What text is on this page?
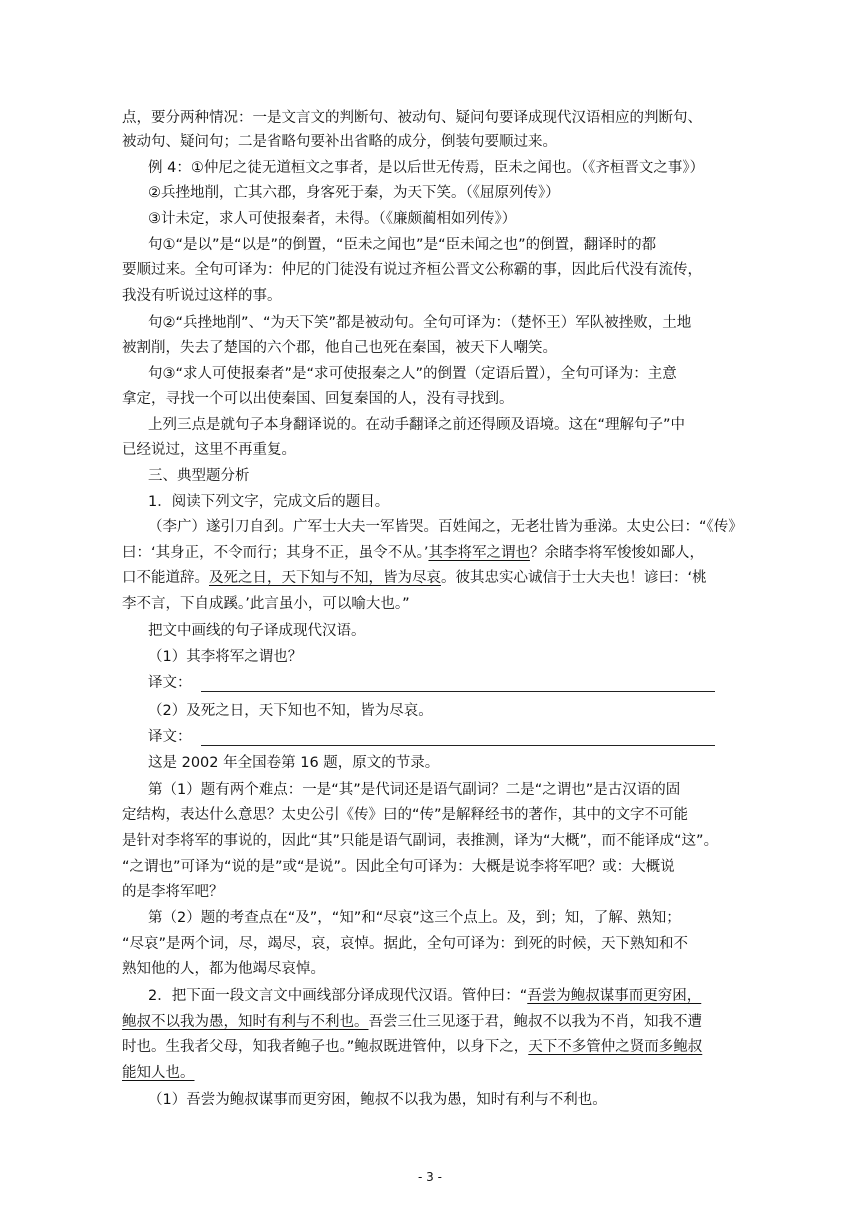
点，要分两种情况：一是文言文的判断句、被动句、疑问句要译成现代汉语相应的判断句、
被动句、疑问句；二是省略句要补出省略的成分，倒装句要顺过来。
例 4：①仲尼之徒无道桓文之事者，是以后世无传焉，臣未之闻也。（《齐桓晋文之事》）
②兵挫地削，亡其六郡，身客死于秦，为天下笑。（《屈原列传》）
③计未定，求人可使报秦者，未得。（《廉颇蔺相如列传》）
句①“是以”是“以是”的倒置，“臣未之闻也”是“臣未闻之也”的倒置，翻译时的都
要顺过来。全句可译为：仲尼的门徒没有说过齐桓公晋文公称霸的事，因此后代没有流传，
我没有听说过这样的事。
句②“兵挫地削”、“为天下笑”都是被动句。全句可译为：（楚怀王）军队被挫败，土地
被割削，失去了楚国的六个郡，他自己也死在秦国，被天下人嘲笑。
句③“求人可使报秦者”是“求可使报秦之人”的倒置（定语后置），全句可译为：主意
拿定，寻找一个可以出使秦国、回复秦国的人，没有寻找到。
上列三点是就句子本身翻译说的。在动手翻译之前还得顾及语境。这在“理解句子”中
已经说过，这里不再重复。
三、典型题分析
1．阅读下列文字，完成文后的题目。
（李广）遂引刀自刭。广军士大夫一军皆哭。百姓闻之，无老壮皆为垂涕。太史公曰：“《传》
曰：‘其身正，不令而行；其身不正，虽令不从。’其李将军之谓也？余睹李将军悛悛如鄙人，
口不能道辞。及死之日，天下知与不知，皆为尽哀。彼其忠实心诚信于士大夫也！谚曰：‘桃
李不言，下自成蹊。’此言虽小，可以喻大也。”
把文中画线的句子译成现代汉语。
（1）其李将军之谓也？
译文：
（2）及死之日，天下知也不知，皆为尽哀。
译文：
这是 2002 年全国卷第 16 题，原文的节录。
第（1）题有两个难点：一是“其”是代词还是语气副词？二是“之谓也”是古汉语的固
定结构，表达什么意思？太史公引《传》曰的“传”是解释经书的著作，其中的文字不可能
是针对李将军的事说的，因此“其”只能是语气副词，表推测，译为“大概”，而不能译成“这”。
“之谓也”可译为“说的是”或“是说”。因此全句可译为：大概是说李将军吧？或：大概说
的是李将军吧？
第（2）题的考查点在“及”，“知”和“尽哀”这三个点上。及，到；知，了解、熟知；
“尽哀”是两个词，尽，竭尽，哀，哀悼。据此，全句可译为：到死的时候，天下熟知和不
熟知他的人，都为他竭尽哀悼。
2．把下面一段文言文中画线部分译成现代汉语。管仲曰：“吾尝为鲍叔谋事而更穷困，
鲍叔不以我为愚，知时有利与不利也。吾尝三仕三见逐于君，鲍叔不以我为不肖，知我不遭
时也。生我者父母，知我者鲍子也。”鲍叔既进管仲，以身下之，天下不多管仲之贤而多鲍叔
能知人也。
（1）吾尝为鲍叔谋事而更穷困，鲍叔不以我为愚，知时有利与不利也。
- 3 -
